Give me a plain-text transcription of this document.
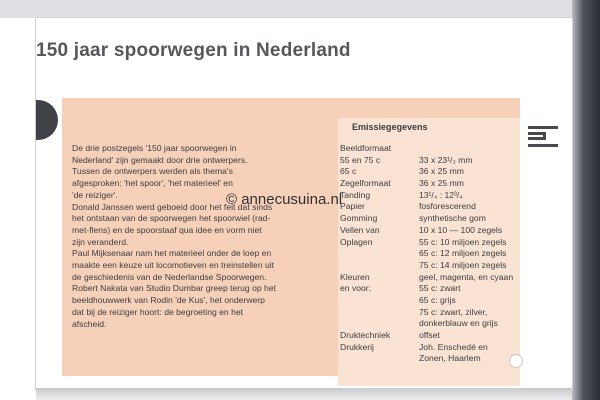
150 jaar spoorwegen in Nederland
De drie postzegels '150 jaar spoorwegen in
Nederland' zijn gemaakt door drie ontwerpers.
Tussen de ontwerpers werden als thema's
afgesproken: 'het spoor', 'het materieel' en
'de reiziger'.
Donald Janssen werd geboeid door het feit dat sinds
het ontstaan van de spoorwegen het spoorwiel (rad-
met-flens) en de spoorstaaf qua idee en vorm niet
zijn veranderd.
Paul Mijksenaar nam het materieel onder de loep en
maakte een keuze uit locomotieven en treinstellen uit
de geschiedenis van de Nederlandse Spoorwegen.
Robert Nakata van Studio Dumbar greep terug op het
beeldhouwwerk van Rodin 'de Kus', het onderwerp
dat bij de reiziger hoort: de begroeting en het
afscheid.
Emissiegegevens
Beeldformaat
55 en 75 c	33 x 23¹/₂ mm
65 c	36 x 25 mm
Zegelformaat	36 x 25 mm
Tanding	13¹/₄ : 12³/₄
Papier	fosforescerend
Gomming	synthetische gom
Vellen van	10 x 10 — 100 zegels
Oplagen	55 c: 10 miljoen zegels
65 c: 12 miljoen zegels
75 c: 14 miljoen zegels
Kleuren	geel, magenta, en cyaan
en voor:	55 c: zwart
65 c: grijs
75 c: zwart, zilver,
donkerblauw en grijs
Druktechniek	offset
Drukkerij	Joh. Enschedé en
Zonen, Haarlem
© annecusuina.nl
